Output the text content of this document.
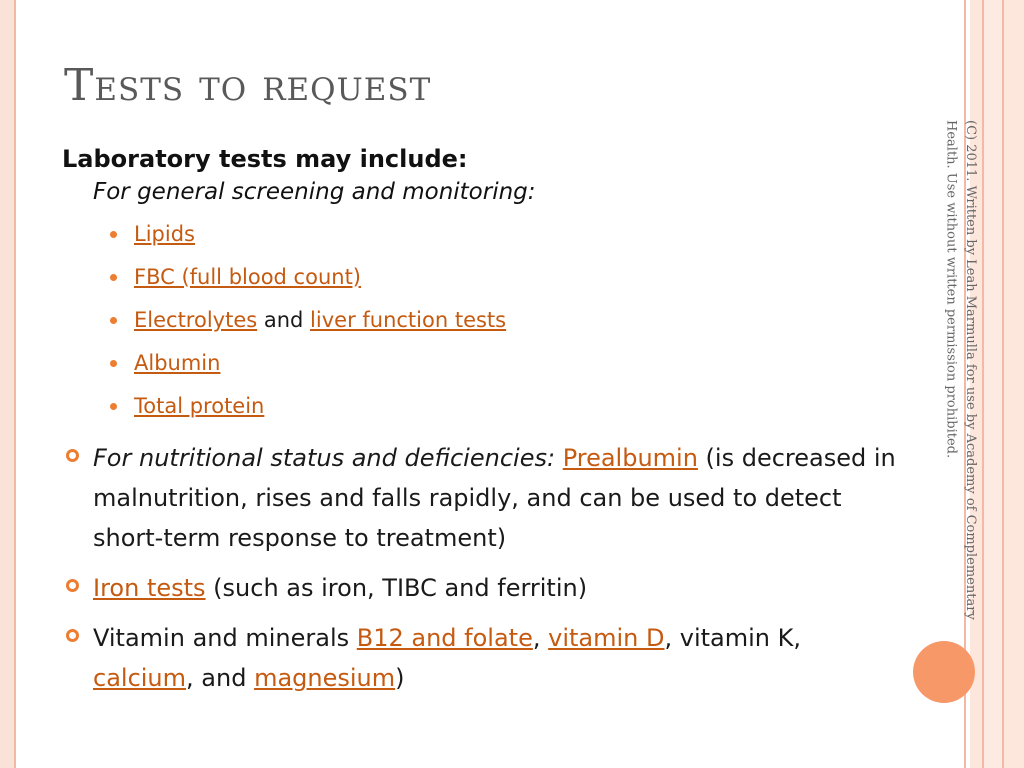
Tests to request
Laboratory tests may include:
For general screening and monitoring:
Lipids
FBC (full blood count)
Electrolytes and liver function tests
Albumin
Total protein
For nutritional status and deficiencies: Prealbumin (is decreased in malnutrition, rises and falls rapidly, and can be used to detect short-term response to treatment)
Iron tests (such as iron, TIBC and ferritin)
Vitamin and minerals B12 and folate, vitamin D, vitamin K, calcium, and magnesium)
(C) 2011. Written by Leah Marmulla for use by Academy of Complementary Health. Use without written permission prohibited.
